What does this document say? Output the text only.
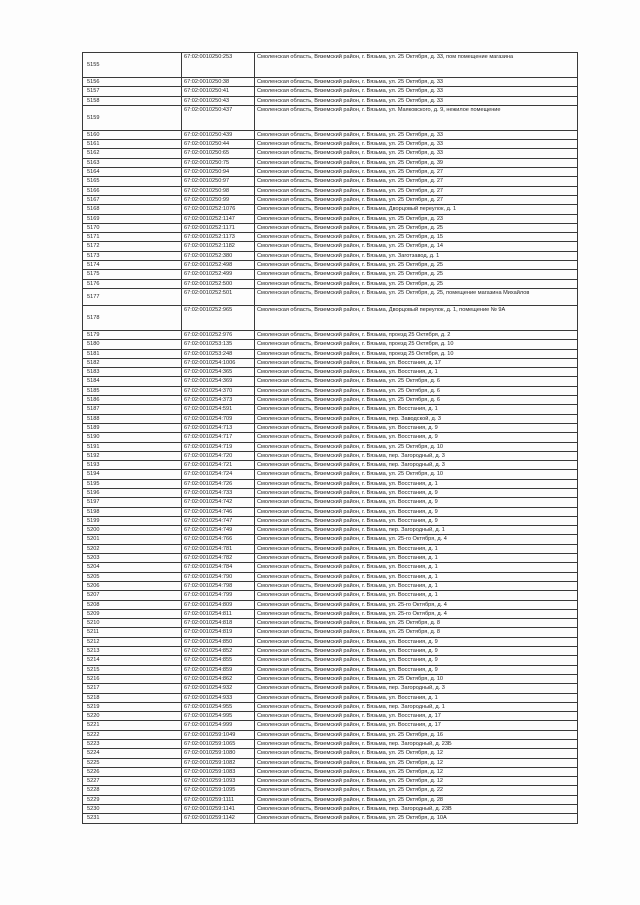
5155	67:02:0010250:253	Смоленская область, Вяземский район, г. Вязьма, ул. 25 Октября, д. 33, пом помещение магазина
5156	67:02:0010250:38	Смоленская область, Вяземский район, г. Вязьма, ул. 25 Октября, д. 33
5157	67:02:0010250:41	Смоленская область, Вяземский район, г. Вязьма, ул. 25 Октября, д. 33
5158	67:02:0010250:43	Смоленская область, Вяземский район, г. Вязьма, ул. 25 Октября, д. 33
5159	67:02:0010250:437	Смоленская область, Вяземский район, г. Вязьма, ул. Маяковского, д. 9, нежилое помещение
5160	67:02:0010250:439	Смоленская область, Вяземский район, г. Вязьма, ул. 25 Октября, д. 33
5161	67:02:0010250:44	Смоленская область, Вяземский район, г. Вязьма, ул. 25 Октября, д. 33
5162	67:02:0010250:65	Смоленская область, Вяземский район, г. Вязьма, ул. 25 Октября, д. 33
5163	67:02:0010250:75	Смоленская область, Вяземский район, г. Вязьма, ул. 25 Октября, д. 39
5164	67:02:0010250:94	Смоленская область, Вяземский район, г. Вязьма, ул. 25 Октября, д. 27
5165	67:02:0010250:97	Смоленская область, Вяземский район, г. Вязьма, ул. 25 Октября, д. 27
5166	67:02:0010250:98	Смоленская область, Вяземский район, г. Вязьма, ул. 25 Октября, д. 27
5167	67:02:0010250:99	Смоленская область, Вяземский район, г. Вязьма, ул. 25 Октября, д. 27
5168	67:02:0010252:1076	Смоленская область, Вяземский район, г. Вязьма, Дворцовый переулок, д. 1
5169	67:02:0010252:1147	Смоленская область, Вяземский район, г. Вязьма, ул. 25 Октября, д. 23
5170	67:02:0010252:1171	Смоленская область, Вяземский район, г. Вязьма, ул. 25 Октября, д. 25
5171	67:02:0010252:1173	Смоленская область, Вяземский район, г. Вязьма, ул. 25 Октября, д. 15
5172	67:02:0010252:1182	Смоленская область, Вяземский район, г. Вязьма, ул. 25 Октября, д. 14
5173	67:02:0010252:380	Смоленская область, Вяземский район, г. Вязьма, ул. Заготзавод, д. 1
5174	67:02:0010252:498	Смоленская область, Вяземский район, г. Вязьма, ул. 25 Октября, д. 25
5175	67:02:0010252:499	Смоленская область, Вяземский район, г. Вязьма, ул. 25 Октября, д. 25
5176	67:02:0010252:500	Смоленская область, Вяземский район, г. Вязьма, ул. 25 Октября, д. 25
5177	67:02:0010252:501	Смоленская область, Вяземский район, г. Вязьма, ул. 25 Октября, д. 25, помещение магазина Михайлов
5178	67:02:0010252:965	Смоленская область, Вяземский район, г. Вязьма, Дворцовый переулок, д. 1, помещение № 9А
5179	67:02:0010252:976	Смоленская область, Вяземский район, г. Вязьма, проезд 25 Октября, д. 2
5180	67:02:0010253:135	Смоленская область, Вяземский район, г. Вязьма, проезд 25 Октября, д. 10
5181	67:02:0010253:248	Смоленская область, Вяземский район, г. Вязьма, проезд 25 Октября, д. 10
5182	67:02:0010254:1006	Смоленская область, Вяземский район, г. Вязьма, ул. Восстания, д. 17
5183	67:02:0010254:365	Смоленская область, Вяземский район, г. Вязьма, ул. Восстания, д. 1
5184	67:02:0010254:369	Смоленская область, Вяземский район, г. Вязьма, ул. 25 Октября, д. 6
5185	67:02:0010254:370	Смоленская область, Вяземский район, г. Вязьма, ул. 25 Октября, д. 6
5186	67:02:0010254:373	Смоленская область, Вяземский район, г. Вязьма, ул. 25 Октября, д. 6
5187	67:02:0010254:591	Смоленская область, Вяземский район, г. Вязьма, ул. Восстания, д. 1
5188	67:02:0010254:709	Смоленская область, Вяземский район, г. Вязьма, пер. Заводской, д. 3
5189	67:02:0010254:713	Смоленская область, Вяземский район, г. Вязьма, ул. Восстания, д. 9
5190	67:02:0010254:717	Смоленская область, Вяземский район, г. Вязьма, ул. Восстания, д. 9
5191	67:02:0010254:719	Смоленская область, Вяземский район, г. Вязьма, ул. 25 Октября, д. 10
5192	67:02:0010254:720	Смоленская область, Вяземский район, г. Вязьма, пер. Загородный, д. 3
5193	67:02:0010254:721	Смоленская область, Вяземский район, г. Вязьма, пер. Загородный, д. 3
5194	67:02:0010254:724	Смоленская область, Вяземский район, г. Вязьма, ул. 25 Октября, д. 10
5195	67:02:0010254:726	Смоленская область, Вяземский район, г. Вязьма, ул. Восстания, д. 1
5196	67:02:0010254:733	Смоленская область, Вяземский район, г. Вязьма, ул. Восстания, д. 9
5197	67:02:0010254:742	Смоленская область, Вяземский район, г. Вязьма, ул. Восстания, д. 9
5198	67:02:0010254:746	Смоленская область, Вяземский район, г. Вязьма, ул. Восстания, д. 9
5199	67:02:0010254:747	Смоленская область, Вяземский район, г. Вязьма, ул. Восстания, д. 9
5200	67:02:0010254:749	Смоленская область, Вяземский район, г. Вязьма, пер. Загородный, д. 1
5201	67:02:0010254:766	Смоленская область, Вяземский район, г. Вязьма, ул. 25-го Октября, д. 4
5202	67:02:0010254:781	Смоленская область, Вяземский район, г. Вязьма, ул. Восстания, д. 1
5203	67:02:0010254:782	Смоленская область, Вяземский район, г. Вязьма, ул. Восстания, д. 1
5204	67:02:0010254:784	Смоленская область, Вяземский район, г. Вязьма, ул. Восстания, д. 1
5205	67:02:0010254:790	Смоленская область, Вяземский район, г. Вязьма, ул. Восстания, д. 1
5206	67:02:0010254:798	Смоленская область, Вяземский район, г. Вязьма, ул. Восстания, д. 1
5207	67:02:0010254:799	Смоленская область, Вяземский район, г. Вязьма, ул. Восстания, д. 1
5208	67:02:0010254:809	Смоленская область, Вяземский район, г. Вязьма, ул. 25-го Октября, д. 4
5209	67:02:0010254:811	Смоленская область, Вяземский район, г. Вязьма, ул. 25-го Октября, д. 4
5210	67:02:0010254:818	Смоленская область, Вяземский район, г. Вязьма, ул. 25 Октября, д. 8
5211	67:02:0010254:819	Смоленская область, Вяземский район, г. Вязьма, ул. 25 Октября, д. 8
5212	67:02:0010254:850	Смоленская область, Вяземский район, г. Вязьма, ул. Восстания, д. 9
5213	67:02:0010254:852	Смоленская область, Вяземский район, г. Вязьма, ул. Восстания, д. 9
5214	67:02:0010254:855	Смоленская область, Вяземский район, г. Вязьма, ул. Восстания, д. 9
5215	67:02:0010254:859	Смоленская область, Вяземский район, г. Вязьма, ул. Восстания, д. 9
5216	67:02:0010254:862	Смоленская область, Вяземский район, г. Вязьма, ул. 25 Октября, д. 10
5217	67:02:0010254:932	Смоленская область, Вяземский район, г. Вязьма, пер. Загородный, д. 3
5218	67:02:0010254:933	Смоленская область, Вяземский район, г. Вязьма, ул. Восстания, д. 1
5219	67:02:0010254:955	Смоленская область, Вяземский район, г. Вязьма, пер. Загородный, д. 1
5220	67:02:0010254:995	Смоленская область, Вяземский район, г. Вязьма, ул. Восстания, д. 17
5221	67:02:0010254:999	Смоленская область, Вяземский район, г. Вязьма, ул. Восстания, д. 17
5222	67:02:0010259:1049	Смоленская область, Вяземский район, г. Вязьма, ул. 25 Октября, д. 16
5223	67:02:0010259:1065	Смоленская область, Вяземский район, г. Вязьма, пер. Загородный, д. 23Б
5224	67:02:0010259:1080	Смоленская область, Вяземский район, г. Вязьма, ул. 25 Октября, д. 12
5225	67:02:0010259:1082	Смоленская область, Вяземский район, г. Вязьма, ул. 25 Октября, д. 12
5226	67:02:0010259:1083	Смоленская область, Вяземский район, г. Вязьма, ул. 25 Октября, д. 12
5227	67:02:0010259:1093	Смоленская область, Вяземский район, г. Вязьма, ул. 25 Октября, д. 12
5228	67:02:0010259:1095	Смоленская область, Вяземский район, г. Вязьма, ул. 25 Октября, д. 22
5229	67:02:0010259:1111	Смоленская область, Вяземский район, г. Вязьма, ул. 25 Октября, д. 28
5230	67:02:0010259:1141	Смоленская область, Вяземский район, г. Вязьма, пер. Загородный, д. 23В
5231	67:02:0010259:1142	Смоленская область, Вяземский район, г. Вязьма, ул. 25 Октября, д. 10А
